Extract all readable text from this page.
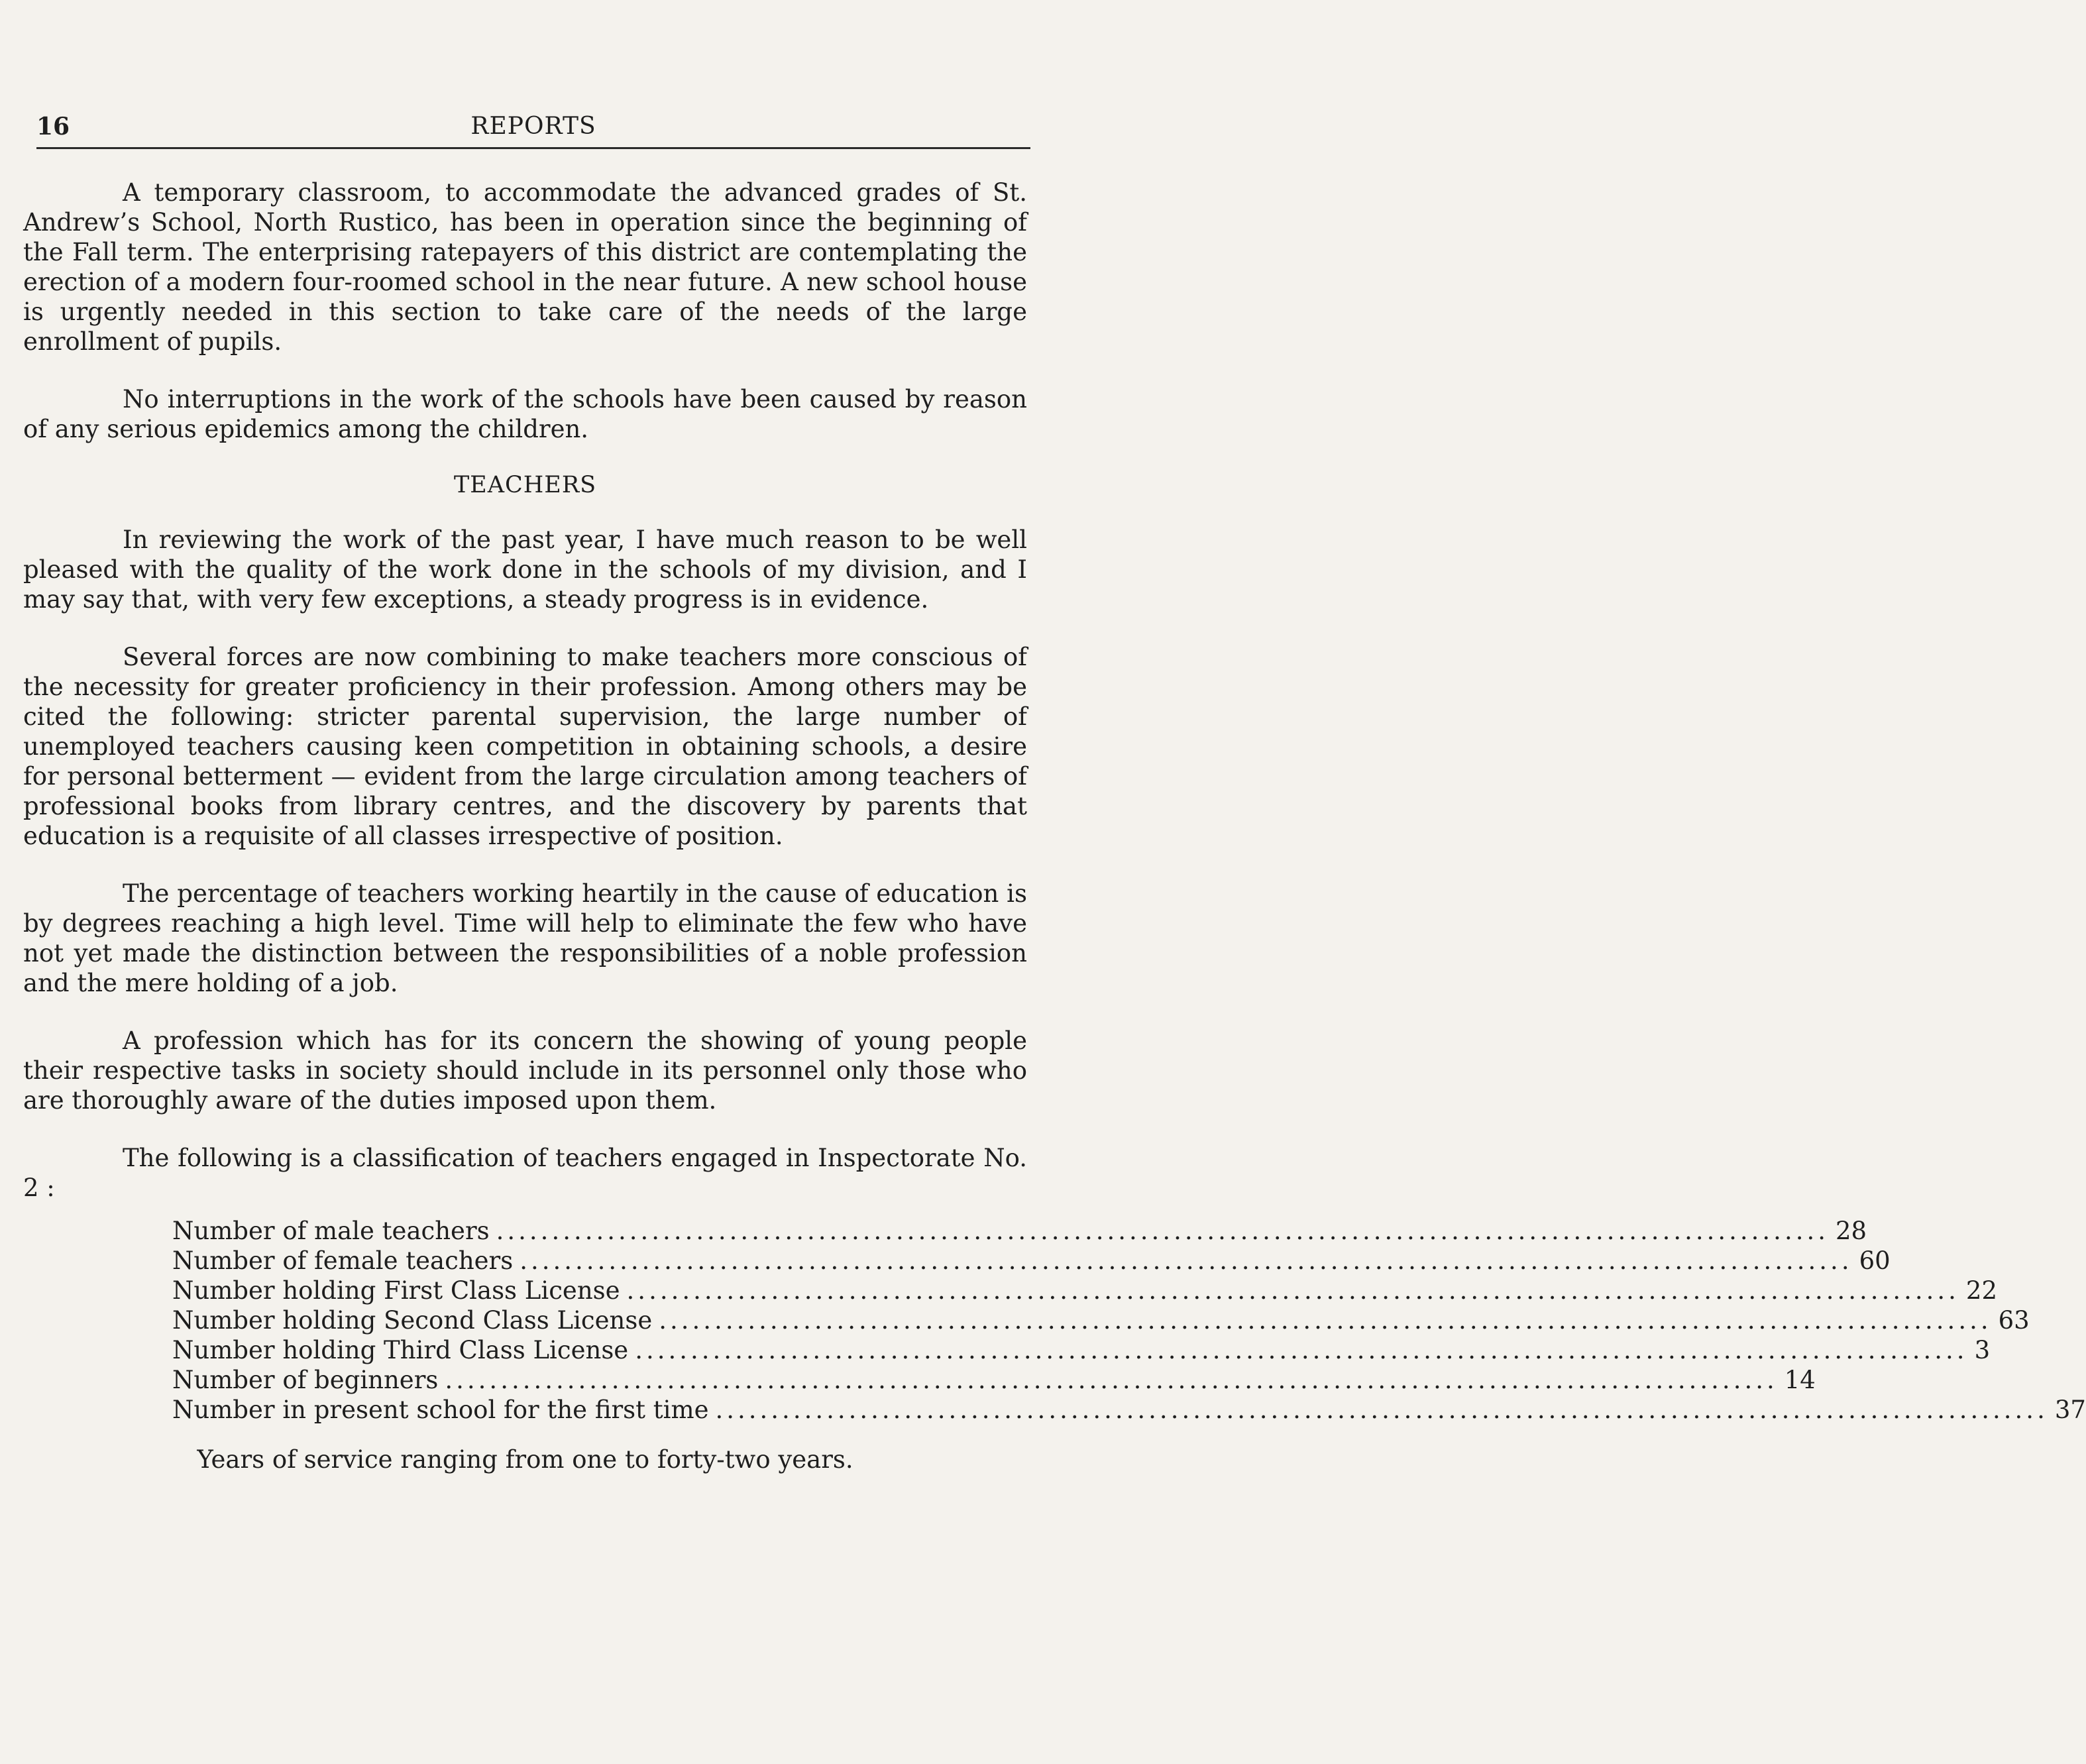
16	REPORTS

A temporary classroom, to accommodate the advanced grades of St. Andrew’s School, North Rustico, has been in operation since the beginning of the Fall term. The enterprising ratepayers of this district are contemplating the erection of a modern four-roomed school in the near future. A new school house is urgently needed in this section to take care of the needs of the large enrollment of pupils.

No interruptions in the work of the schools have been caused by reason of any serious epidemics among the children.

TEACHERS

In reviewing the work of the past year, I have much reason to be well pleased with the quality of the work done in the schools of my division, and I may say that, with very few exceptions, a steady progress is in evidence.

Several forces are now combining to make teachers more conscious of the necessity for greater proficiency in their profession. Among others may be cited the following: stricter parental supervision, the large number of unemployed teachers causing keen competition in obtaining schools, a desire for personal betterment — evident from the large circulation among teachers of professional books from library centres, and the discovery by parents that education is a requisite of all classes irrespective of position.

The percentage of teachers working heartily in the cause of education is by degrees reaching a high level. Time will help to eliminate the few who have not yet made the distinction between the responsibilities of a noble profession and the mere holding of a job.

A profession which has for its concern the showing of young people their respective tasks in society should include in its personnel only those who are thoroughly aware of the duties imposed upon them.

The following is a classification of teachers engaged in Inspectorate No. 2 :

Number of male teachers ........................................................................................................................ 28
Number of female teachers ........................................................................................................................ 60
Number holding First Class License ........................................................................................................................ 22
Number holding Second Class License ........................................................................................................................ 63
Number holding Third Class License ........................................................................................................................ 3
Number of beginners ........................................................................................................................ 14
Number in present school for the first time ........................................................................................................................ 37

Years of service ranging from one to forty-two years.
